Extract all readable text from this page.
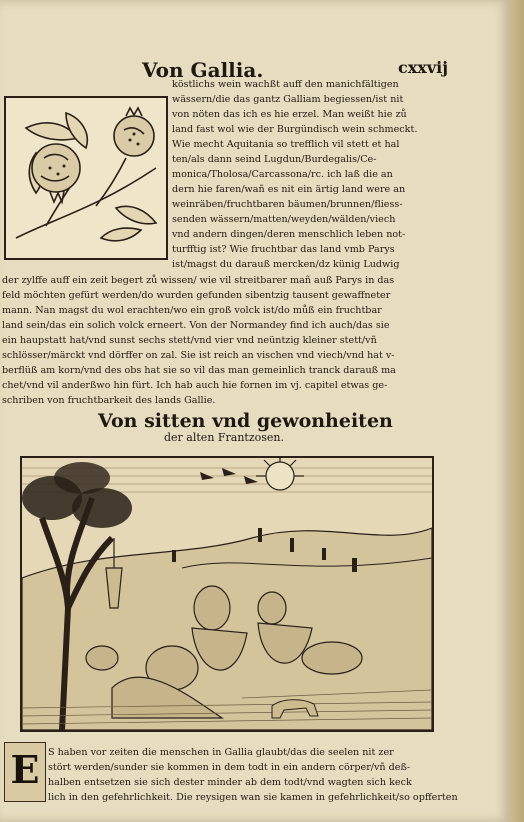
Von Gallia.	cxxvij
köstlichs wein wachßt auff den manichfältigen
wässern/die das gantz Galliam begiessen/ist nit
von nöten das ich es hie erzel. Man weißt hie zů
land fast wol wie der Burgündisch wein schmeckt.
Wie mecht Aquitania so trefflich vil stett et hal
ten/als dann seind Lugdun/Burdegalis/Ce-
monica/Tholosa/Carcassona/rc. ich laß die an
dern hie faren/wañ es nit ein ärtig land were an
weinräben/fruchtbaren bäumen/brunnen/fliess-
senden wässern/matten/weyden/wälden/viech
vnd andern dingen/deren menschlich leben not-
turfftig ist? Wie fruchtbar das land vmb Parys
ist/magst du darauß mercken/dz künig Ludwig
der zylffe auff ein zeit begert zů wissen/ wie vil streitbarer mañ auß Parys in das
feld möchten gefürt werden/do wurden gefunden sibentzig tausent gewaffneter
mann. Nan magst du wol erachten/wo ein groß volck ist/do můß ein fruchtbar
land sein/das ein solich volck erneert. Von der Normandey find ich auch/das sie
ein haupstatt hat/vnd sunst sechs stett/vnd vier vnd neüntzig kleiner stett/vñ
schlösser/märckt vnd dörffer on zal. Sie ist reich an vischen vnd viech/vnd hat v-
berflüß am korn/vnd des obs hat sie so vil das man gemeinlich tranck darauß ma
chet/vnd vil anderßwo hin fürt. Ich hab auch hie fornen im vj. capitel etwas ge-
schriben von fruchtbarkeit des lands Gallie.
Von sitten vnd gewonheiten
der alten Frantzosen.
E S haben vor zeiten die menschen in Gallia glaubt/das die seelen nit zer
stört werden/sunder sie kommen in dem todt in ein andern cörper/vñ deß-
halben entsetzen sie sich dester minder ab dem todt/vnd wagten sich keck
lich in den gefehrlichkeit. Die reysigen wan sie kamen in gefehrlichkeit/so opfferten
